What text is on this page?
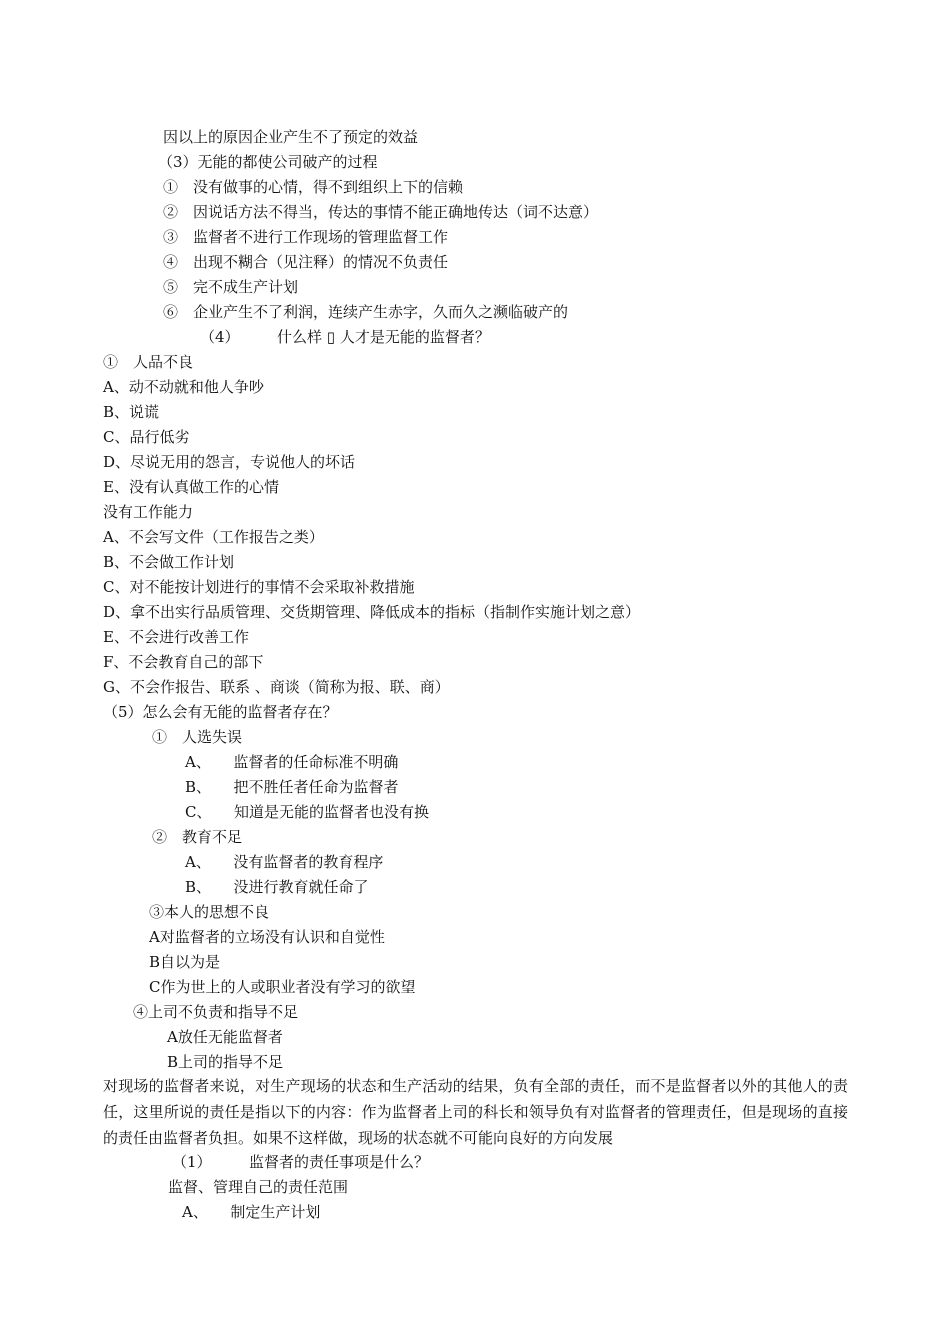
因以上的原因企业产生不了预定的效益
（3）无能的都使公司破产的过程
①　没有做事的心情，得不到组织上下的信赖
②　因说话方法不得当，传达的事情不能正确地传达（词不达意）
③　监督者不进行工作现场的管理监督工作
④　出现不糊合（见注释）的情况不负责任
⑤　完不成生产计划
⑥　企业产生不了利润，连续产生赤字，久而久之濒临破产的
（4）　　　什么样 ▯ 人才是无能的监督者？
①　人品不良
A、动不动就和他人争吵
B、说谎
C、品行低劣
D、尽说无用的怨言，专说他人的坏话
E、没有认真做工作的心情
没有工作能力
A、不会写文件（工作报告之类）
B、不会做工作计划
C、对不能按计划进行的事情不会采取补救措施
D、拿不出实行品质管理、交货期管理、降低成本的指标（指制作实施计划之意）
E、不会进行改善工作
F、不会教育自己的部下
G、不会作报告、联系 、商谈（简称为报、联、商）
（5）怎么会有无能的监督者存在？
①　人选失误
A、　　监督者的任命标准不明确
B、　　把不胜任者任命为监督者
C、　　知道是无能的监督者也没有换
②　教育不足
A、　　没有监督者的教育程序
B、　　没进行教育就任命了
③本人的思想不良
A对监督者的立场没有认识和自觉性
B自以为是
C作为世上的人或职业者没有学习的欲望
④上司不负责和指导不足
A放任无能监督者
B上司的指导不足
对现场的监督者来说，对生产现场的状态和生产活动的结果，负有全部的责任，而不是监督者以外的其他人的责任，这里所说的责任是指以下的内容：作为监督者上司的科长和领导负有对监督者的管理责任，但是现场的直接的责任由监督者负担。如果不这样做，现场的状态就不可能向良好的方向发展
（1）　　　监督者的责任事项是什么？
监督、管理自己的责任范围
A、　　制定生产计划
